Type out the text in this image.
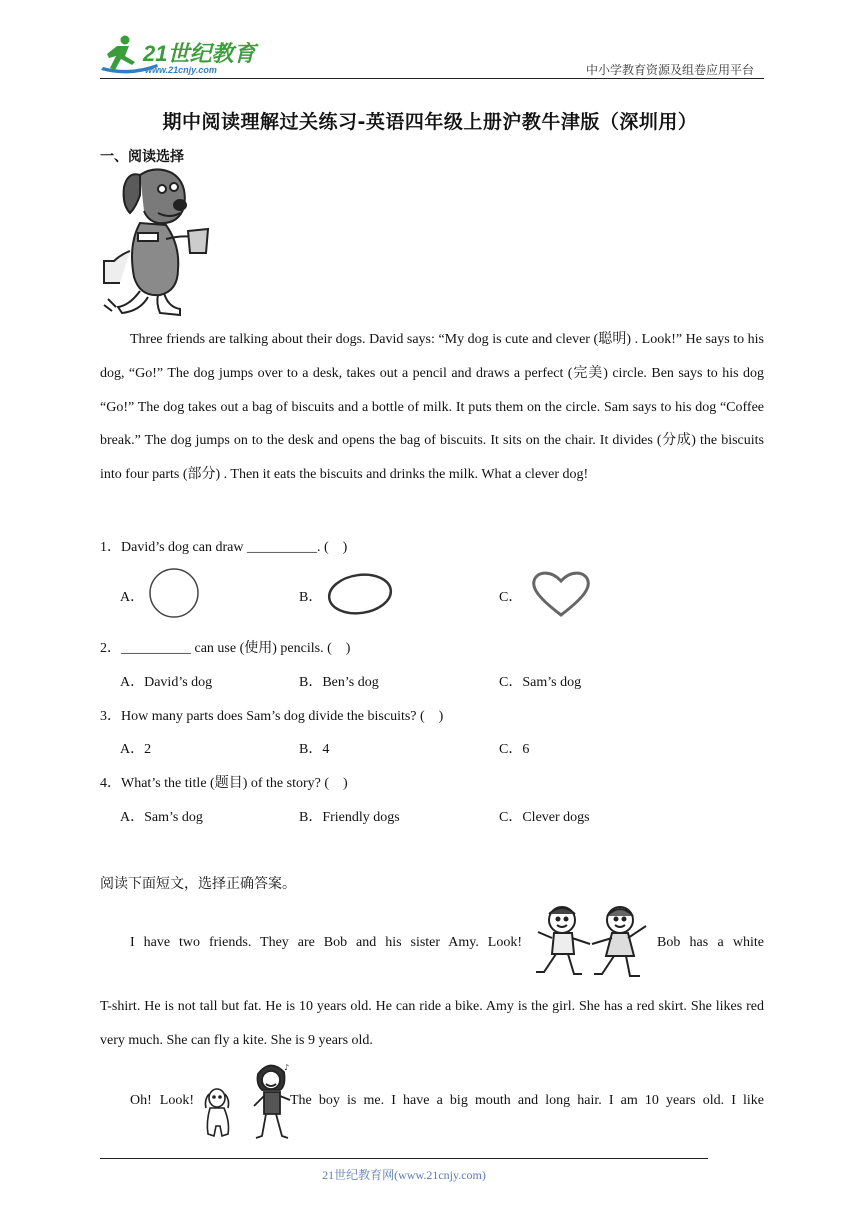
21世纪教育
www.21cnjy.com	中小学教育资源及组卷应用平台
期中阅读理解过关练习-英语四年级上册沪教牛津版（深圳用）
一、阅读选择
Three friends are talking about their dogs. David says: “My dog is cute and clever (聪明) . Look!” He says to his dog, “Go!” The dog jumps over to a desk, takes out a pencil and draws a perfect (完美) circle. Ben says to his dog “Go!” The dog takes out a bag of biscuits and a bottle of milk. It puts them on the circle. Sam says to his dog “Coffee break.” The dog jumps on to the desk and opens the bag of biscuits. It sits on the chair. It divides (分成) the biscuits into four parts (部分) . Then it eats the biscuits and drinks the milk. What a clever dog!
1．David’s dog can draw __________. (　)
A．	B．	C．
2．__________ can use (使用) pencils. (　)
A．David’s dog	B．Ben’s dog	C．Sam’s dog
3．How many parts does Sam’s dog divide the biscuits? (　)
A．2	B．4	C．6
4．What’s the title (题目) of the story? (　)
A．Sam’s dog	B．Friendly dogs	C．Clever dogs
阅读下面短文，选择正确答案。
I have two friends. They are Bob and his sister Amy. Look!	Bob has a white
T-shirt. He is not tall but fat. He is 10 years old. He can ride a bike. Amy is the girl. She has a red skirt. She likes red very much. She can fly a kite. She is 9 years old.
Oh! Look!
♪
The boy is me. I have a big mouth and long hair. I am 10 years old. I like
21世纪教育网(www.21cnjy.com)
